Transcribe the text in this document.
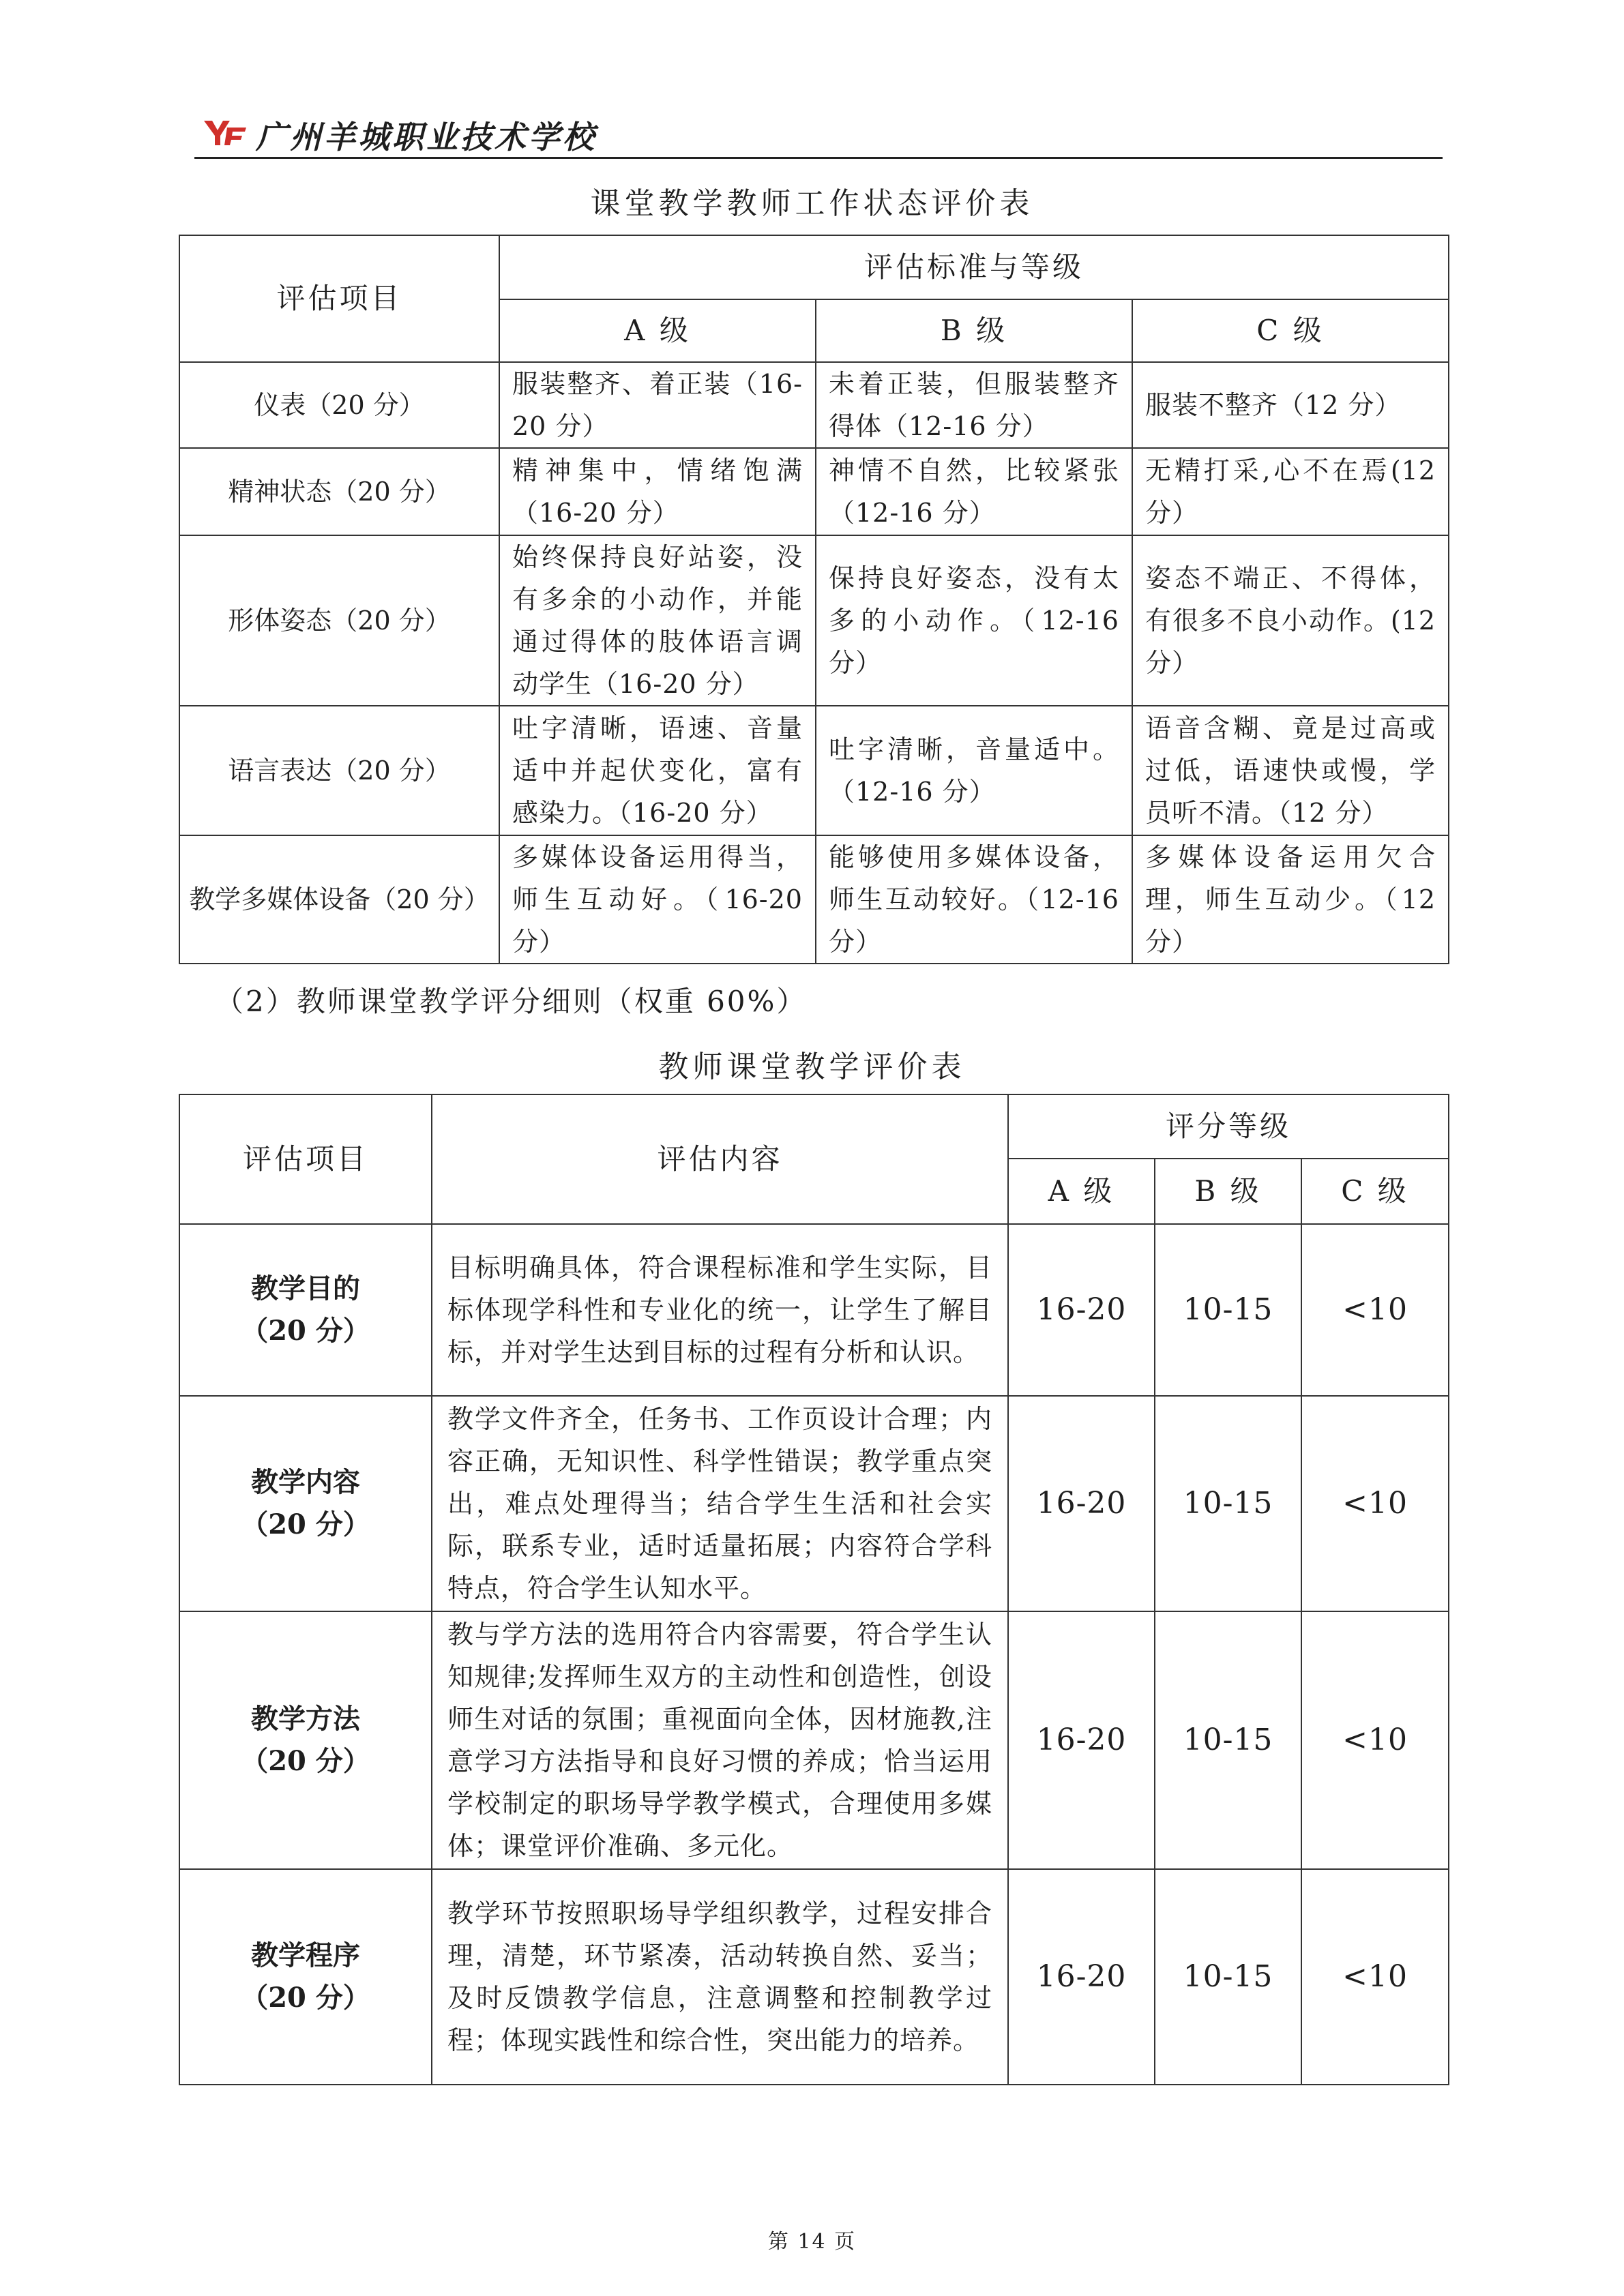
广州羊城职业技术学校
课堂教学教师工作状态评价表
评估项目	评估标准与等级		
	A 级	B 级	C 级
仪表（20 分）	服装整齐、着正装（16-20 分）	未着正装，但服装整齐得体（12-16 分）	服装不整齐（12 分）
精神状态（20 分）	精神集中，情绪饱满（16-20 分）	神情不自然，比较紧张（12-16 分）	无精打采,心不在焉(12分）
形体姿态（20 分）	始终保持良好站姿，没有多余的小动作，并能通过得体的肢体语言调动学生（16-20 分）	保持良好姿态，没有太多的小动作。（12-16分）	姿态不端正、不得体，有很多不良小动作。(12分）
语言表达（20 分）	吐字清晰，语速、音量适中并起伏变化，富有感染力。（16-20 分）	吐字清晰，音量适中。（12-16 分）	语音含糊、竟是过高或过低，语速快或慢，学员听不清。（12 分）
教学多媒体设备（20 分）	多媒体设备运用得当，师生互动好。（16-20分）	能够使用多媒体设备，师生互动较好。（12-16分）	多媒体设备运用欠合理，师生互动少。（12分）
（2）教师课堂教学评分细则（权重 60%）
教师课堂教学评价表
评估项目	评估内容	评分等级		
		A 级	B 级	C 级

教学目的
（20 分）	目标明确具体，符合课程标准和学生实际，目标体现学科性和专业化的统一，让学生了解目标，并对学生达到目标的过程有分析和认识。	16-20	10-15	<10

教学内容
（20 分）	教学文件齐全，任务书、工作页设计合理；内容正确，无知识性、科学性错误；教学重点突出，难点处理得当；结合学生生活和社会实际，联系专业，适时适量拓展；内容符合学科特点，符合学生认知水平。	16-20	10-15	<10

教学方法
（20 分）	教与学方法的选用符合内容需要，符合学生认知规律;发挥师生双方的主动性和创造性，创设师生对话的氛围；重视面向全体，因材施教,注意学习方法指导和良好习惯的养成；恰当运用学校制定的职场导学教学模式，合理使用多媒体；课堂评价准确、多元化。	16-20	10-15	<10

教学程序
（20 分）	教学环节按照职场导学组织教学，过程安排合理，清楚，环节紧凑，活动转换自然、妥当；及时反馈教学信息，注意调整和控制教学过程；体现实践性和综合性，突出能力的培养。	16-20	10-15	<10
第 14 页
